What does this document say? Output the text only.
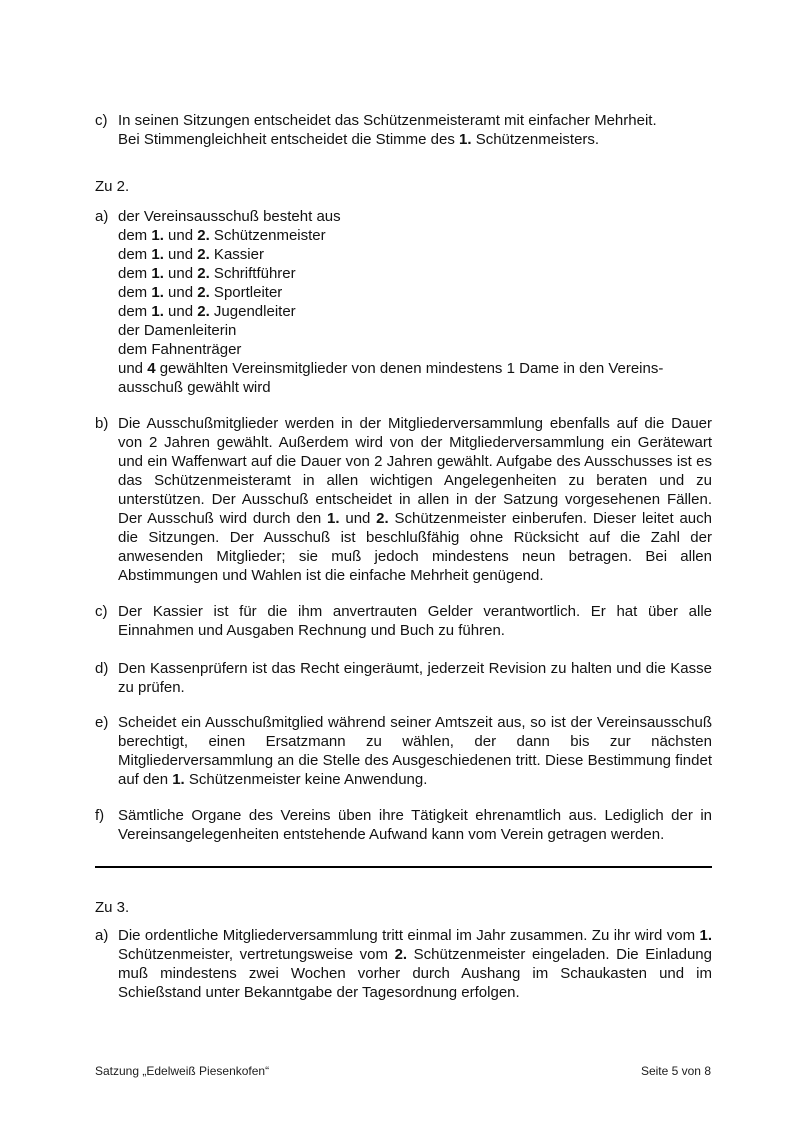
c) In seinen Sitzungen entscheidet das Schützenmeisteramt mit einfacher Mehrheit.
Bei Stimmengleichheit entscheidet die Stimme des 1. Schützenmeisters.
Zu 2.
a) der Vereinsausschuß besteht aus
dem 1. und 2. Schützenmeister
dem 1. und 2. Kassier
dem 1. und 2. Schriftführer
dem 1. und 2. Sportleiter
dem 1. und 2. Jugendleiter
der Damenleiterin
dem Fahnenträger
und 4 gewählten Vereinsmitglieder von denen mindestens 1 Dame in den Vereins-
ausschuß gewählt wird
b) Die Ausschußmitglieder werden in der Mitgliederversammlung ebenfalls auf die Dauer von 2 Jahren gewählt. Außerdem wird von der Mitgliederversammlung ein Gerätewart und ein Waffenwart auf die Dauer von 2 Jahren gewählt. Aufgabe des Ausschusses ist es das Schützenmeisteramt in allen wichtigen Angelegenheiten zu beraten und zu unterstützen. Der Ausschuß entscheidet in allen in der Satzung vorgesehenen Fällen. Der Ausschuß wird durch den 1. und 2. Schützenmeister einberufen. Dieser leitet auch die Sitzungen. Der Ausschuß ist beschlußfähig ohne Rücksicht auf die Zahl der anwesenden Mitglieder; sie muß jedoch mindestens neun betragen. Bei allen Abstimmungen und Wahlen ist die einfache Mehrheit genügend.
c) Der Kassier ist für die ihm anvertrauten Gelder verantwortlich. Er hat über alle Einnahmen und Ausgaben Rechnung und Buch zu führen.
d) Den Kassenprüfern ist das Recht eingeräumt, jederzeit Revision zu halten und die Kasse zu prüfen.
e) Scheidet ein Ausschußmitglied während seiner Amtszeit aus, so ist der Vereinsausschuß berechtigt, einen Ersatzmann zu wählen, der dann bis zur nächsten Mitgliederversammlung an die Stelle des Ausgeschiedenen tritt. Diese Bestimmung findet auf den 1. Schützenmeister keine Anwendung.
f) Sämtliche Organe des Vereins üben ihre Tätigkeit ehrenamtlich aus. Lediglich der in Vereinsangelegenheiten entstehende Aufwand kann vom Verein getragen werden.
Zu 3.
a) Die ordentliche Mitgliederversammlung tritt einmal im Jahr zusammen. Zu ihr wird vom 1. Schützenmeister, vertretungsweise vom 2. Schützenmeister eingeladen. Die Einladung muß mindestens zwei Wochen vorher durch Aushang im Schaukasten und im Schießstand unter Bekanntgabe der Tagesordnung erfolgen.
Satzung „Edelweiß Piesenkofen“	Seite 5 von 8
